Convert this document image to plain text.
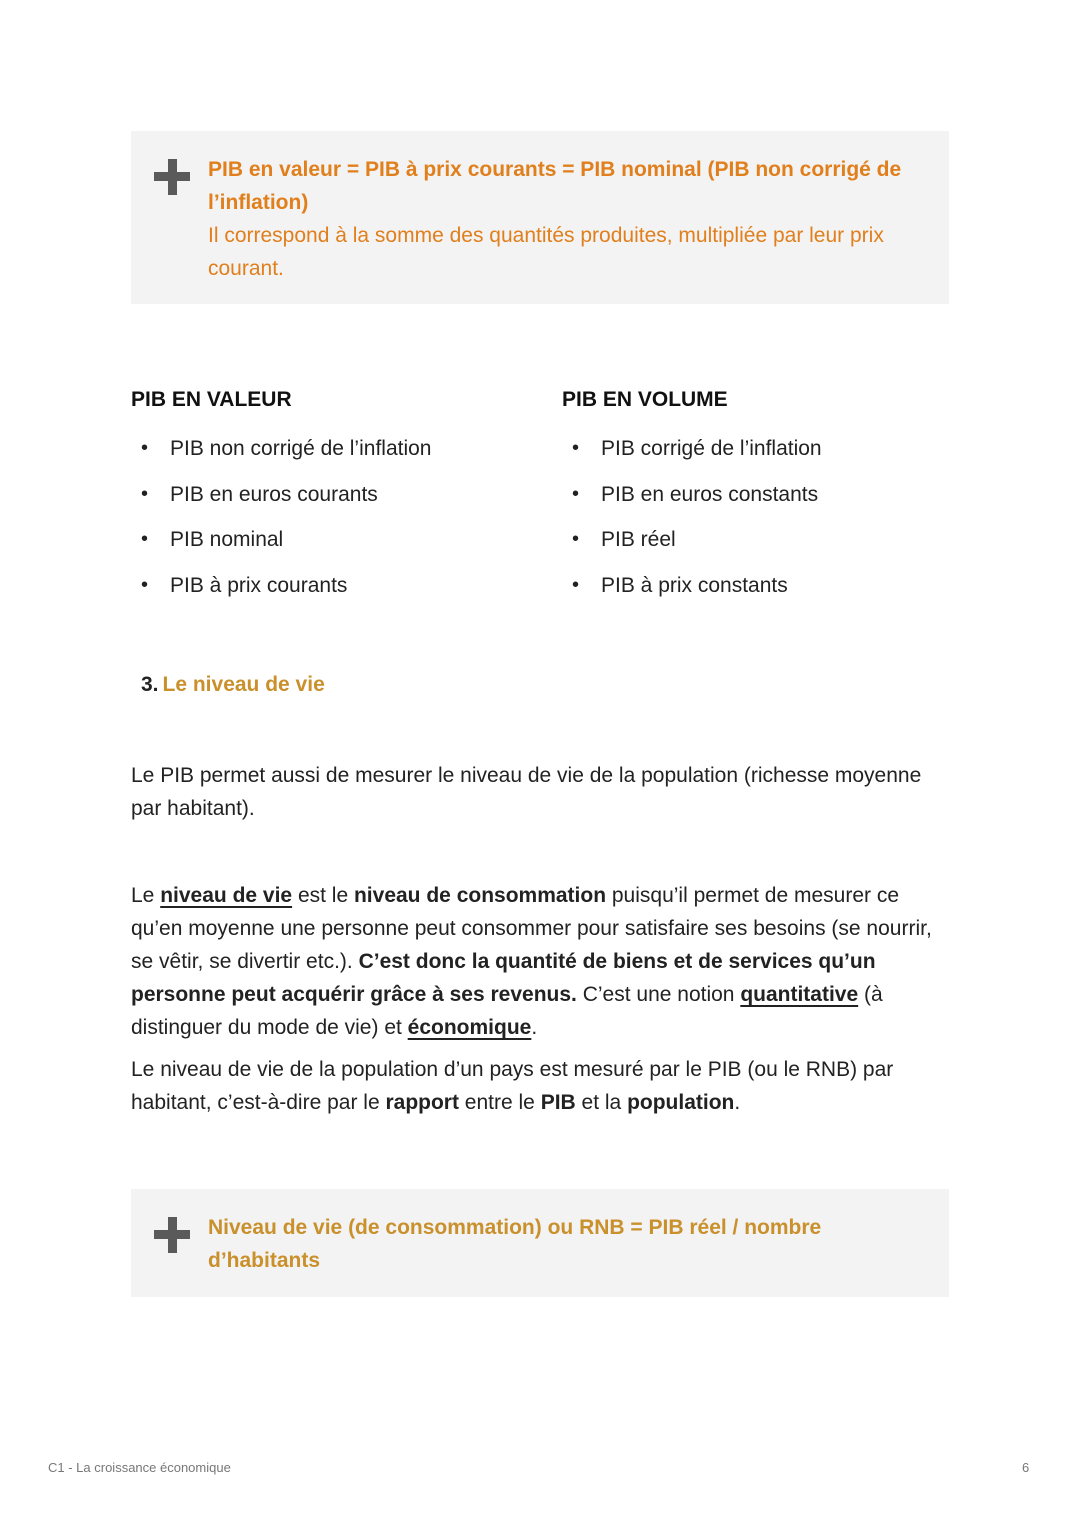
PIB en valeur = PIB à prix courants = PIB nominal (PIB non corrigé de l’inflation)

Il correspond à la somme des quantités produites, multipliée par leur prix courant.

PIB EN VALEUR
• PIB non corrigé de l’inflation
• PIB en euros courants
• PIB nominal
• PIB à prix courants
PIB EN VOLUME
• PIB corrigé de l’inflation
• PIB en euros constants
• PIB réel
• PIB à prix constants
3. Le niveau de vie

Le PIB permet aussi de mesurer le niveau de vie de la population (richesse moyenne par habitant).

Le niveau de vie est le niveau de consommation puisqu’il permet de mesurer ce qu’en moyenne une personne peut consommer pour satisfaire ses besoins (se nourrir, se vêtir, se divertir etc.). C’est donc la quantité de biens et de services qu’un personne peut acquérir grâce à ses revenus. C’est une notion quantitative (à distinguer du mode de vie) et économique.

Le niveau de vie de la population d’un pays est mesuré par le PIB (ou le RNB) par habitant, c’est-à-dire par le rapport entre le PIB et la population.

Niveau de vie (de consommation) ou RNB = PIB réel / nombre d’habitants

C1 - La croissance économique	6
